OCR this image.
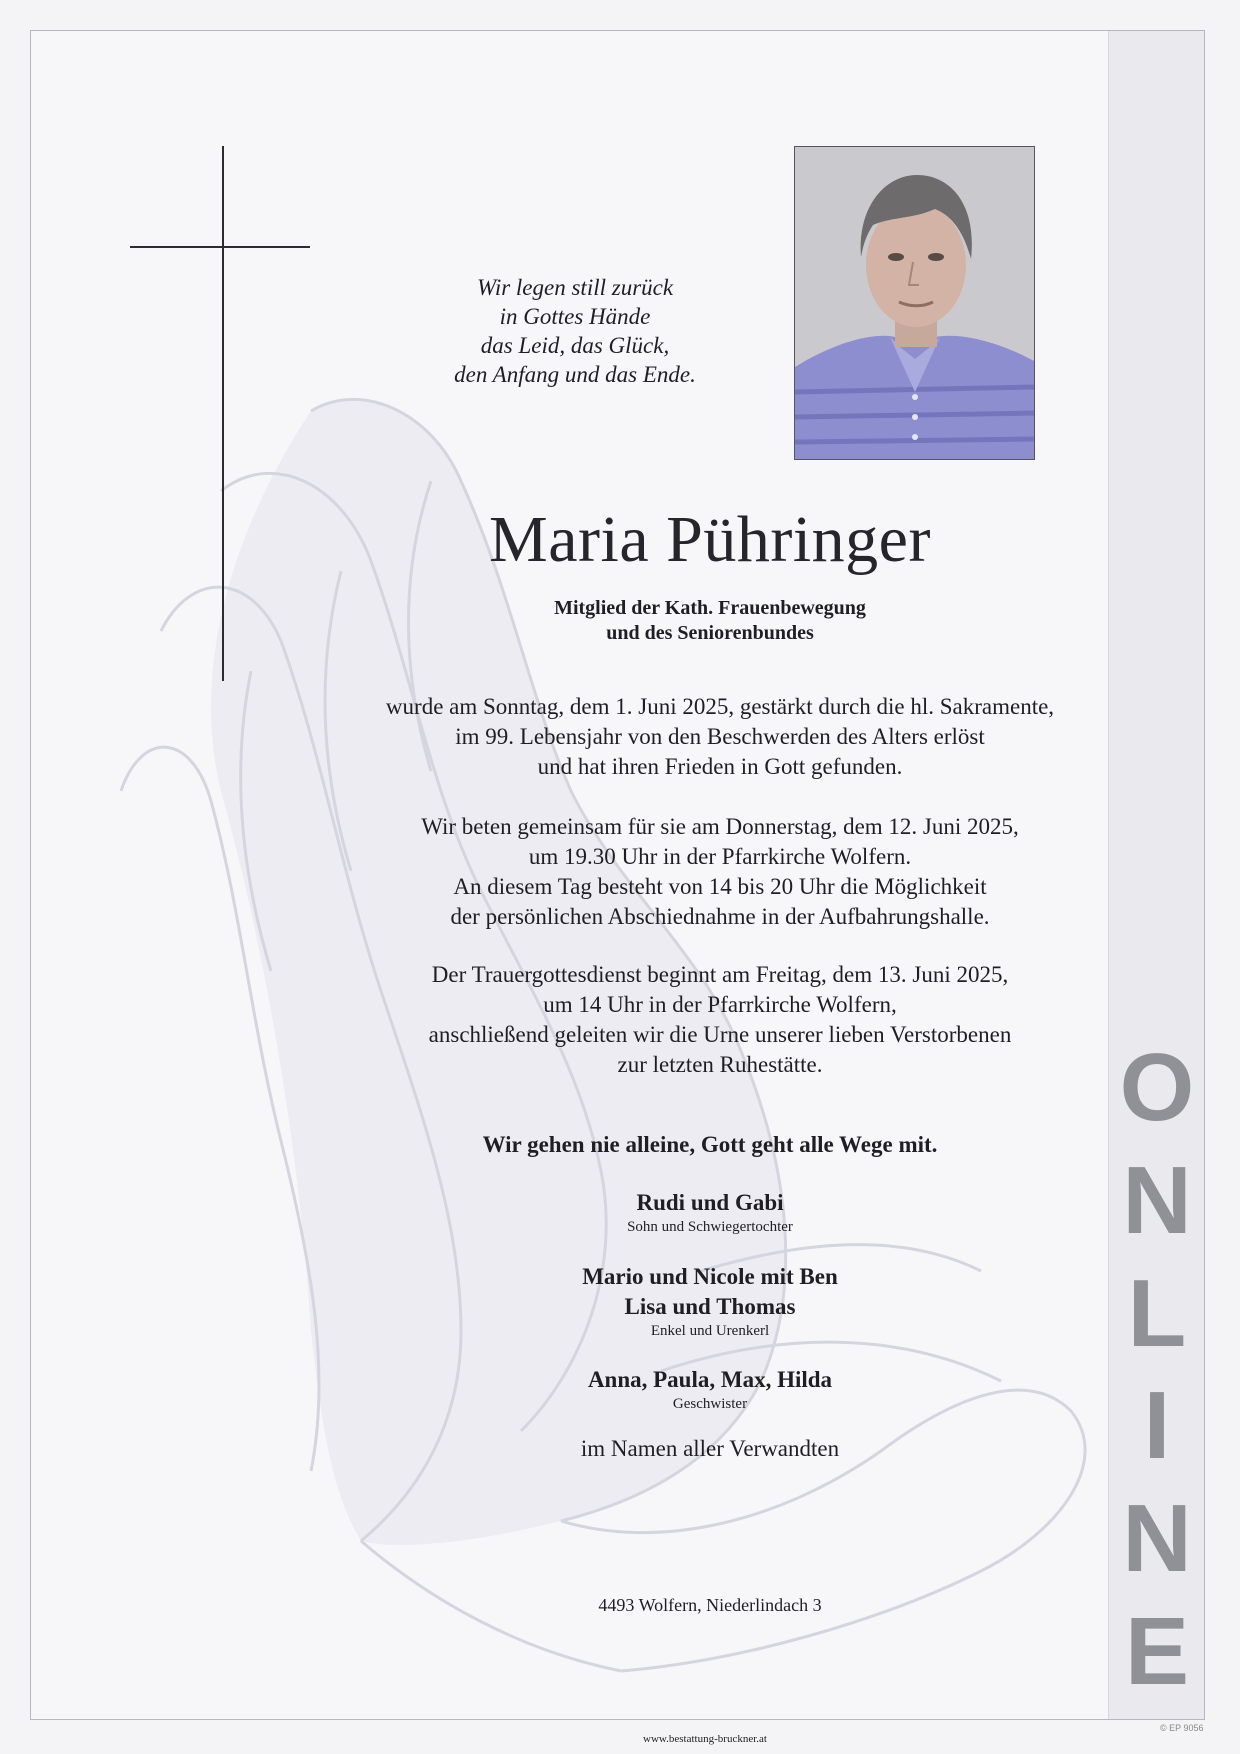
O
N
L
I
N
E
Wir legen still zurück
in Gottes Hände
das Leid, das Glück,
den Anfang und das Ende.
Maria Pühringer
Mitglied der Kath. Frauenbewegung
und des Seniorenbundes
wurde am Sonntag, dem 1. Juni 2025, gestärkt durch die hl. Sakramente,
im 99. Lebensjahr von den Beschwerden des Alters erlöst
und hat ihren Frieden in Gott gefunden.
Wir beten gemeinsam für sie am Donnerstag, dem 12. Juni 2025,
um 19.30 Uhr in der Pfarrkirche Wolfern.
An diesem Tag besteht von 14 bis 20 Uhr die Möglichkeit
der persönlichen Abschiednahme in der Aufbahrungshalle.
Der Trauergottesdienst beginnt am Freitag, dem 13. Juni 2025,
um 14 Uhr in der Pfarrkirche Wolfern,
anschließend geleiten wir die Urne unserer lieben Verstorbenen
zur letzten Ruhestätte.
Wir gehen nie alleine, Gott geht alle Wege mit.
Rudi und Gabi
Sohn und Schwiegertochter
Mario und Nicole mit Ben
Lisa und Thomas
Enkel und Urenkerl
Anna, Paula, Max, Hilda
Geschwister
im Namen aller Verwandten
4493 Wolfern, Niederlindach 3
www.bestattung-bruckner.at
© EP 9056
